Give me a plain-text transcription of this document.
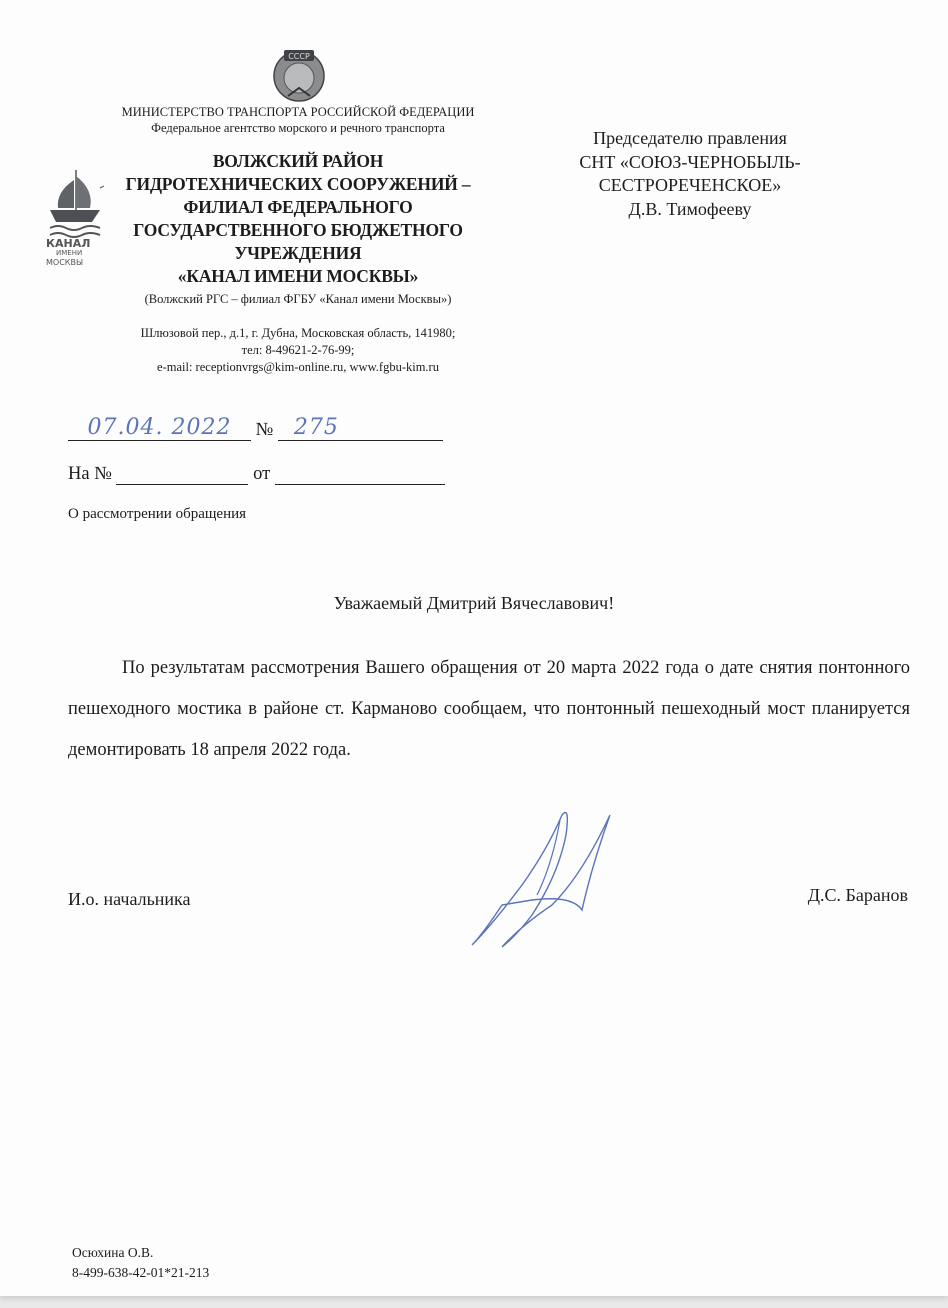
СССР
МИНИСТЕРСТВО ТРАНСПОРТА РОССИЙСКОЙ ФЕДЕРАЦИИ
Федеральное агентство морского и речного транспорта
ВОЛЖСКИЙ РАЙОН
ГИДРОТЕХНИЧЕСКИХ СООРУЖЕНИЙ –
ФИЛИАЛ ФЕДЕРАЛЬНОГО
ГОСУДАРСТВЕННОГО БЮДЖЕТНОГО
УЧРЕЖДЕНИЯ
«КАНАЛ ИМЕНИ МОСКВЫ»
(Волжский РГС – филиал ФГБУ «Канал имени Москвы»)
Шлюзовой пер., д.1, г. Дубна, Московская область, 141980;
тел: 8-49621-2-76-99;
e-mail: receptionvrgs@kim-online.ru, www.fgbu-kim.ru
КАНАЛ
ИМЕНИ
МОСКВЫ
Председателю правления
СНТ «СОЮЗ-ЧЕРНОБЫЛЬ-
СЕСТРОРЕЧЕНСКОЕ»
Д.В. Тимофееву
07.04. 2022	№ 275
На №	от
О рассмотрении обращения
Уважаемый Дмитрий Вячеславович!
По результатам рассмотрения Вашего обращения от 20 марта 2022 года о дате снятия понтонного пешеходного мостика в районе ст. Карманово сообщаем, что понтонный пешеходный мост планируется демонтировать 18 апреля 2022 года.
И.о. начальника	Д.С. Баранов
Осюхина О.В.
8-499-638-42-01*21-213
